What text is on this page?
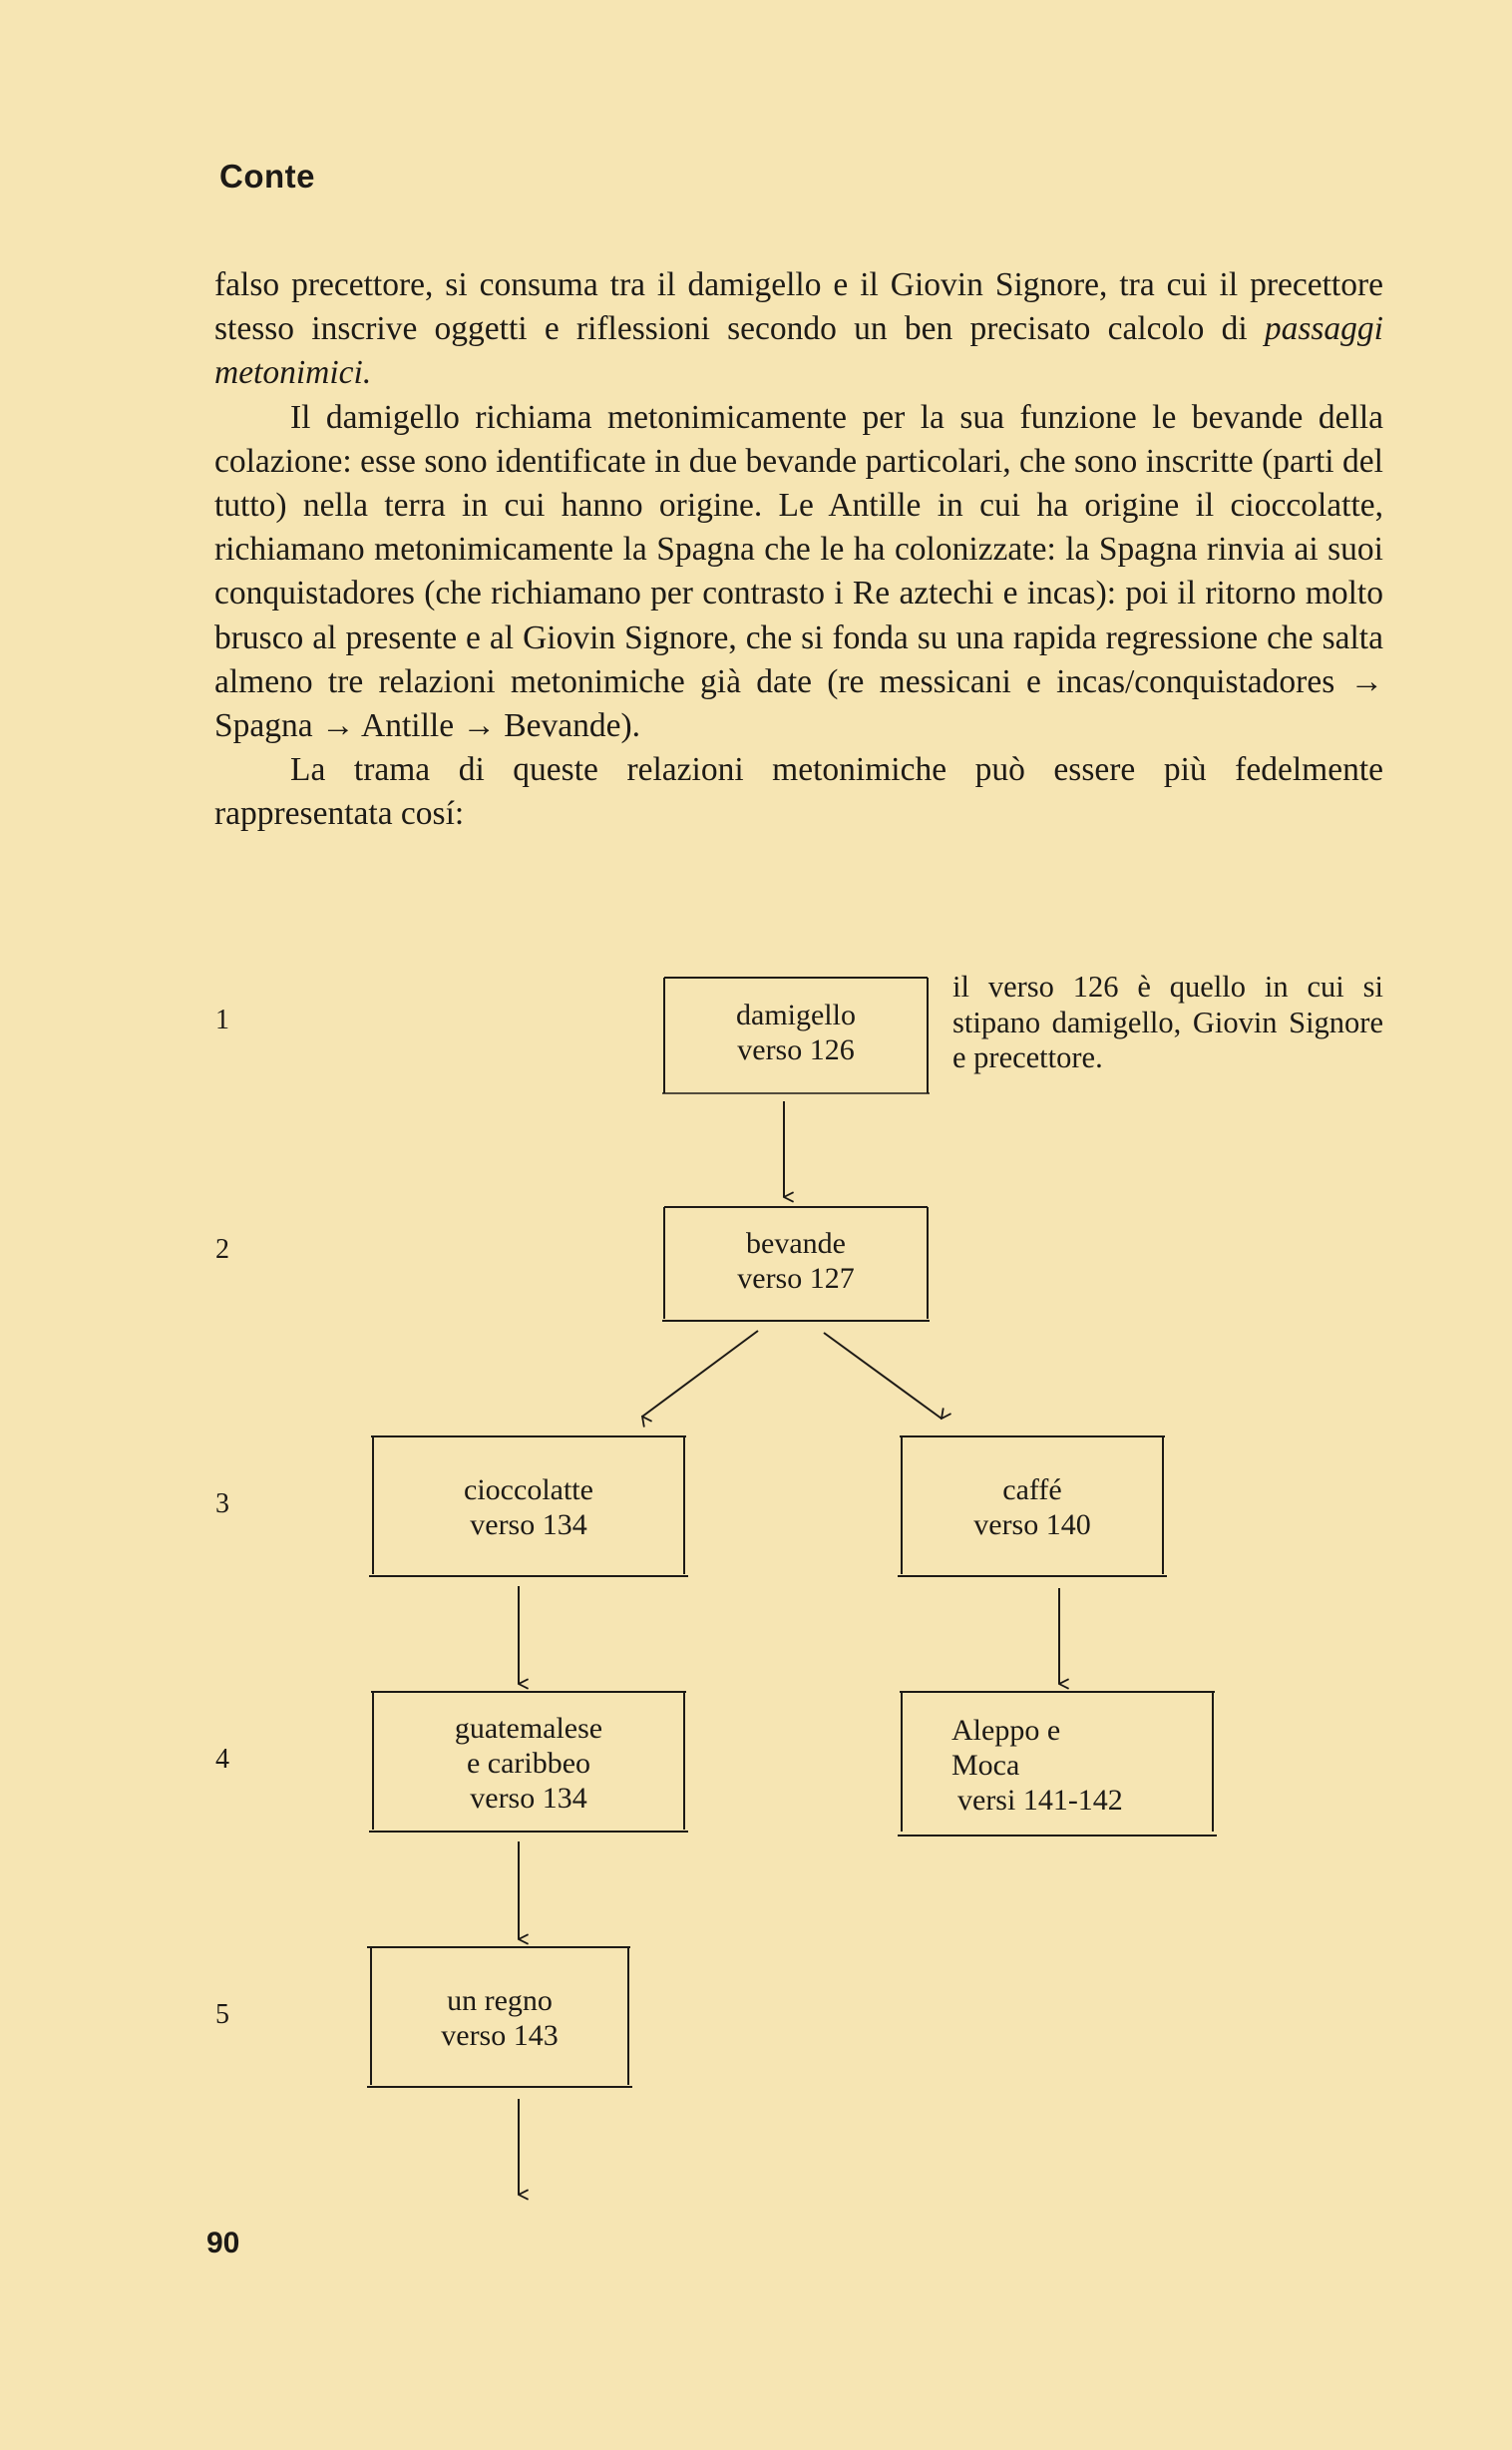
Conte

falso precettore, si consuma tra il damigello e il Giovin Signore, tra cui il precettore stesso inscrive oggetti e riflessioni secondo un ben precisato calcolo di passaggi metonimici.

Il damigello richiama metonimicamente per la sua funzione le bevande della colazione: esse sono identificate in due bevande particolari, che sono inscritte (parti del tutto) nella terra in cui hanno origine. Le Antille in cui ha origine il cioccolatte, richiamano metonimicamente la Spagna che le ha colonizzate: la Spagna rinvia ai suoi conquistadores (che richiamano per contrasto i Re aztechi e incas): poi il ritorno molto brusco al presente e al Giovin Signore, che si fonda su una rapida regressione che salta almeno tre relazioni metonimiche già date (re messicani e incas/conquistadores → Spagna → Antille → Bevande).

La trama di queste relazioni metonimiche può essere più fedelmente rappresentata cosí:

1
2
3
4
5
damigello
verso 126
bevande
verso 127
cioccolatte
verso 134
caffé
verso 140
guatemalese
e caribbeo
verso 134
Aleppo e
Moca
versi 141-142
un regno
verso 143
il verso 126 è quello in cui si stipano damigello, Giovin Signore e precettore.
90
